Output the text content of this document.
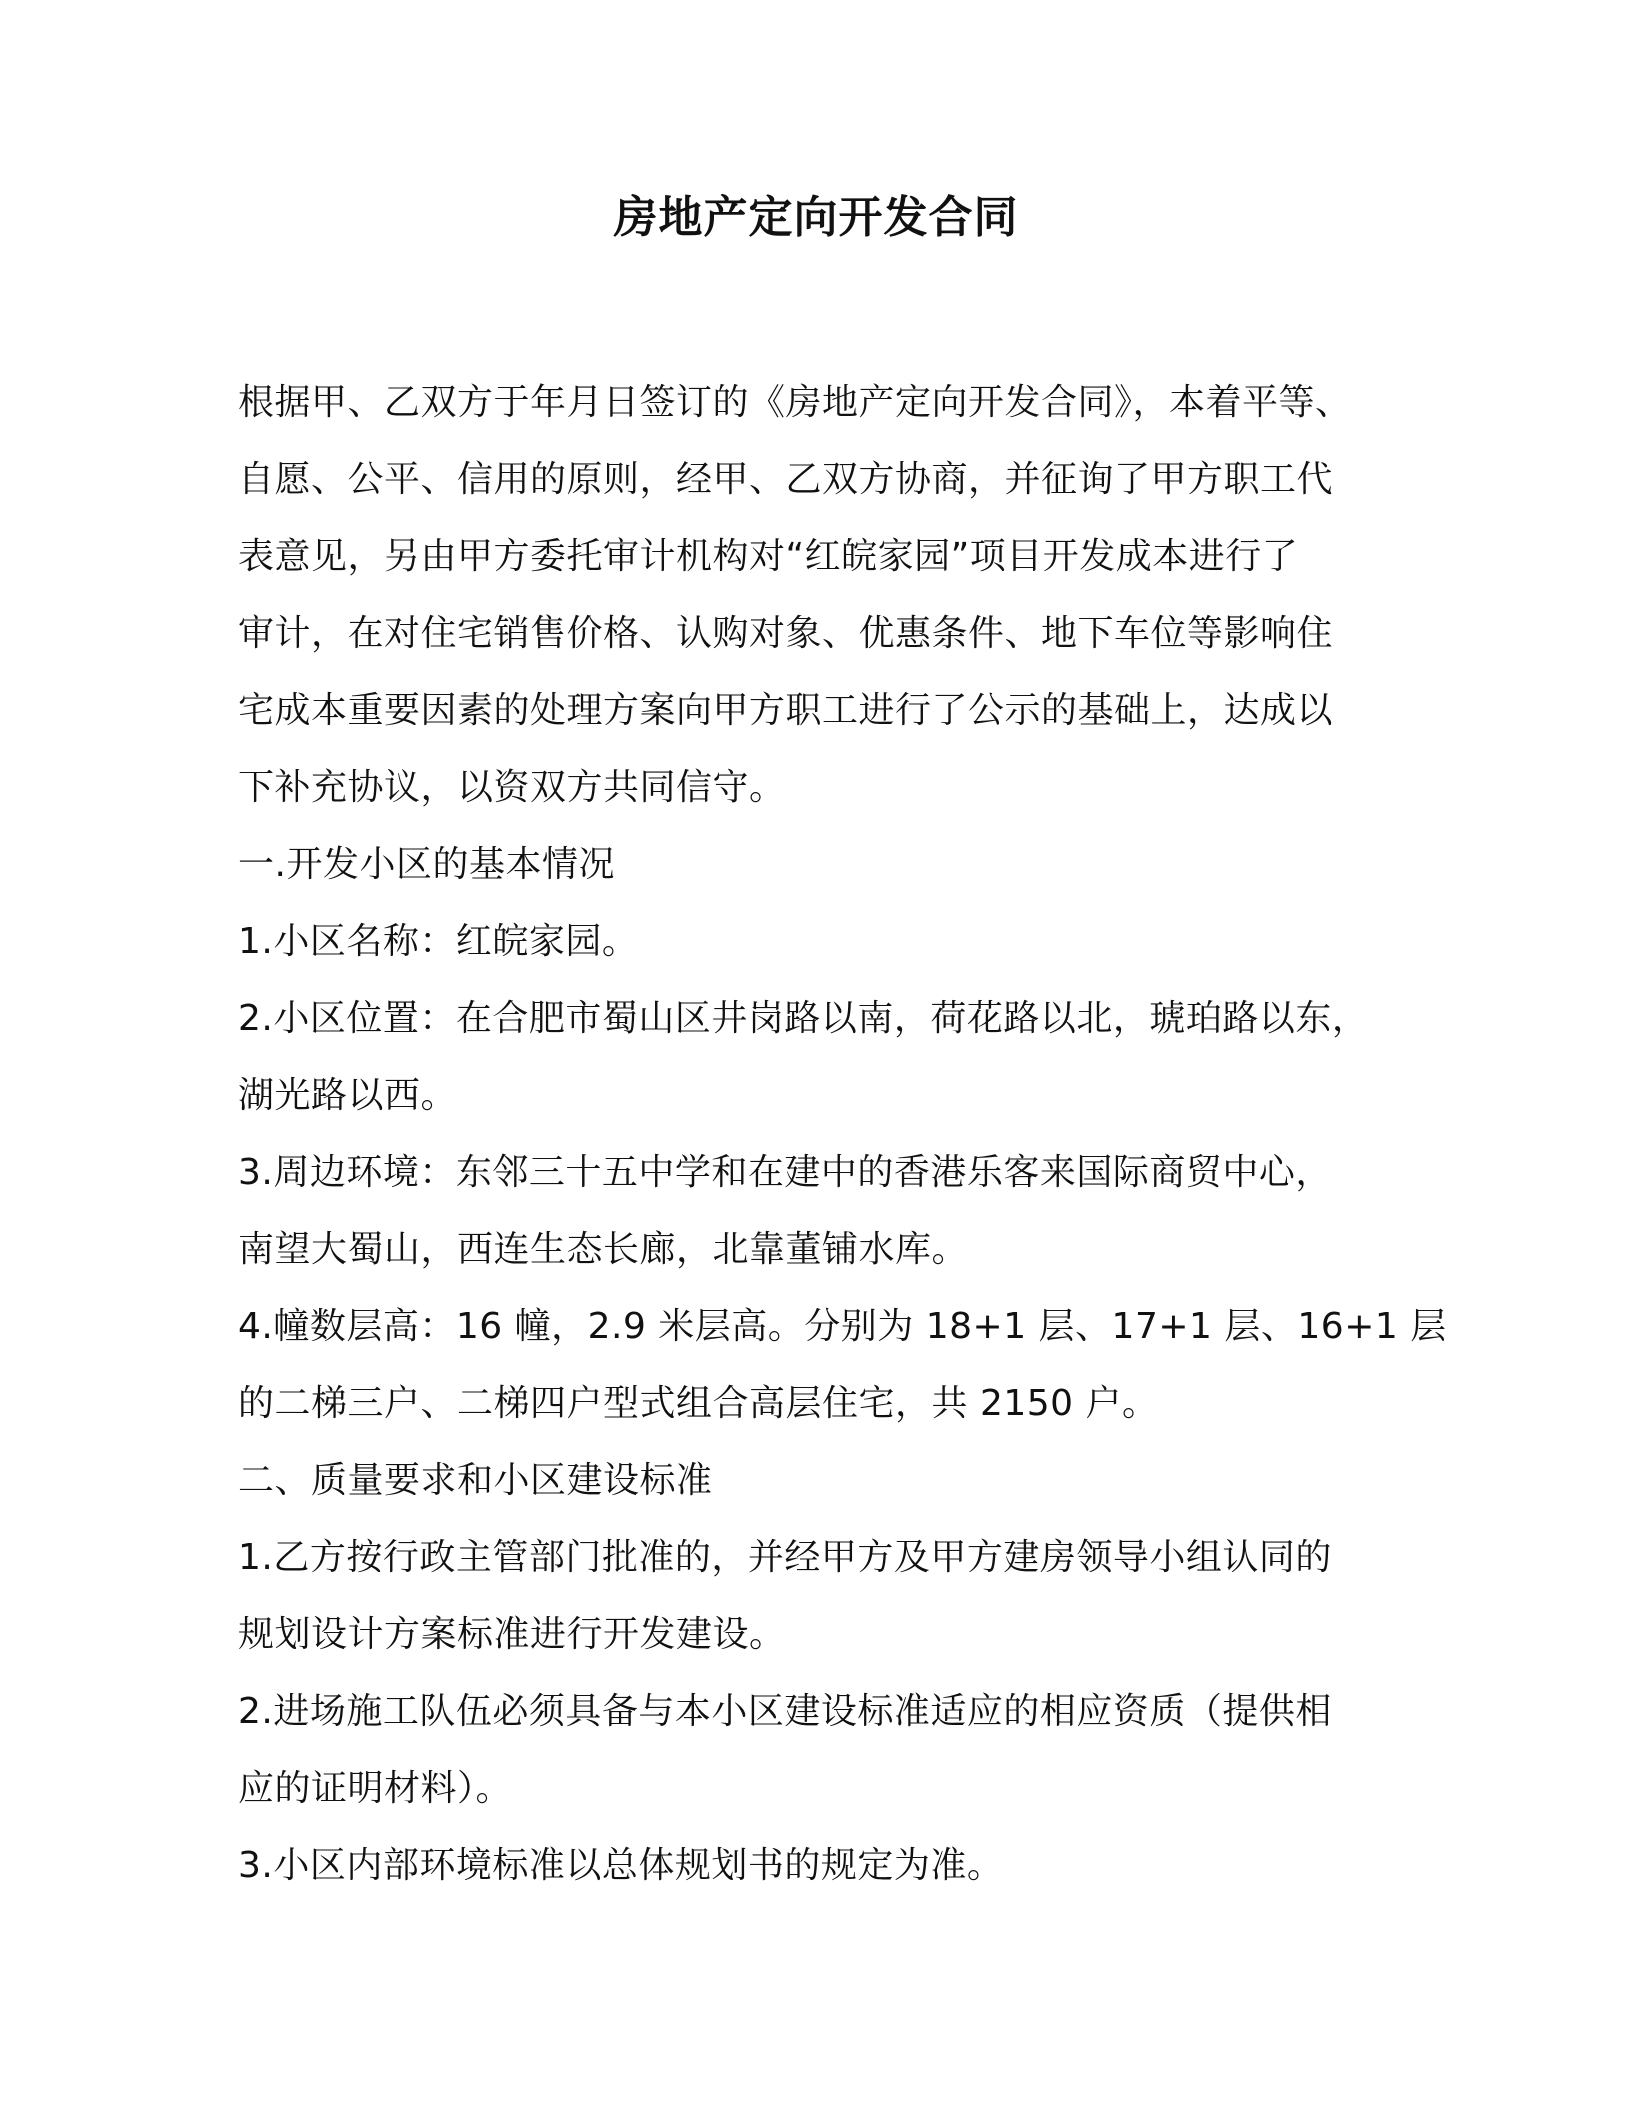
房地产定向开发合同
根据甲、乙双方于年月日签订的《房地产定向开发合同》，本着平等、
自愿、公平、信用的原则，经甲、乙双方协商，并征询了甲方职工代
表意见，另由甲方委托审计机构对“红皖家园”项目开发成本进行了
审计，在对住宅销售价格、认购对象、优惠条件、地下车位等影响住
宅成本重要因素的处理方案向甲方职工进行了公示的基础上，达成以
下补充协议，以资双方共同信守。
一.开发小区的基本情况
1.小区名称：红皖家园。
2.小区位置：在合肥市蜀山区井岗路以南，荷花路以北，琥珀路以东，
湖光路以西。
3.周边环境：东邻三十五中学和在建中的香港乐客来国际商贸中心，
南望大蜀山，西连生态长廊，北靠董铺水库。
4.幢数层高：16 幢，2.9 米层高。分别为 18+1 层、17+1 层、16+1 层
的二梯三户、二梯四户型式组合高层住宅，共 2150 户。
二、质量要求和小区建设标准
1.乙方按行政主管部门批准的，并经甲方及甲方建房领导小组认同的
规划设计方案标准进行开发建设。
2.进场施工队伍必须具备与本小区建设标准适应的相应资质（提供相
应的证明材料）。
3.小区内部环境标准以总体规划书的规定为准。
